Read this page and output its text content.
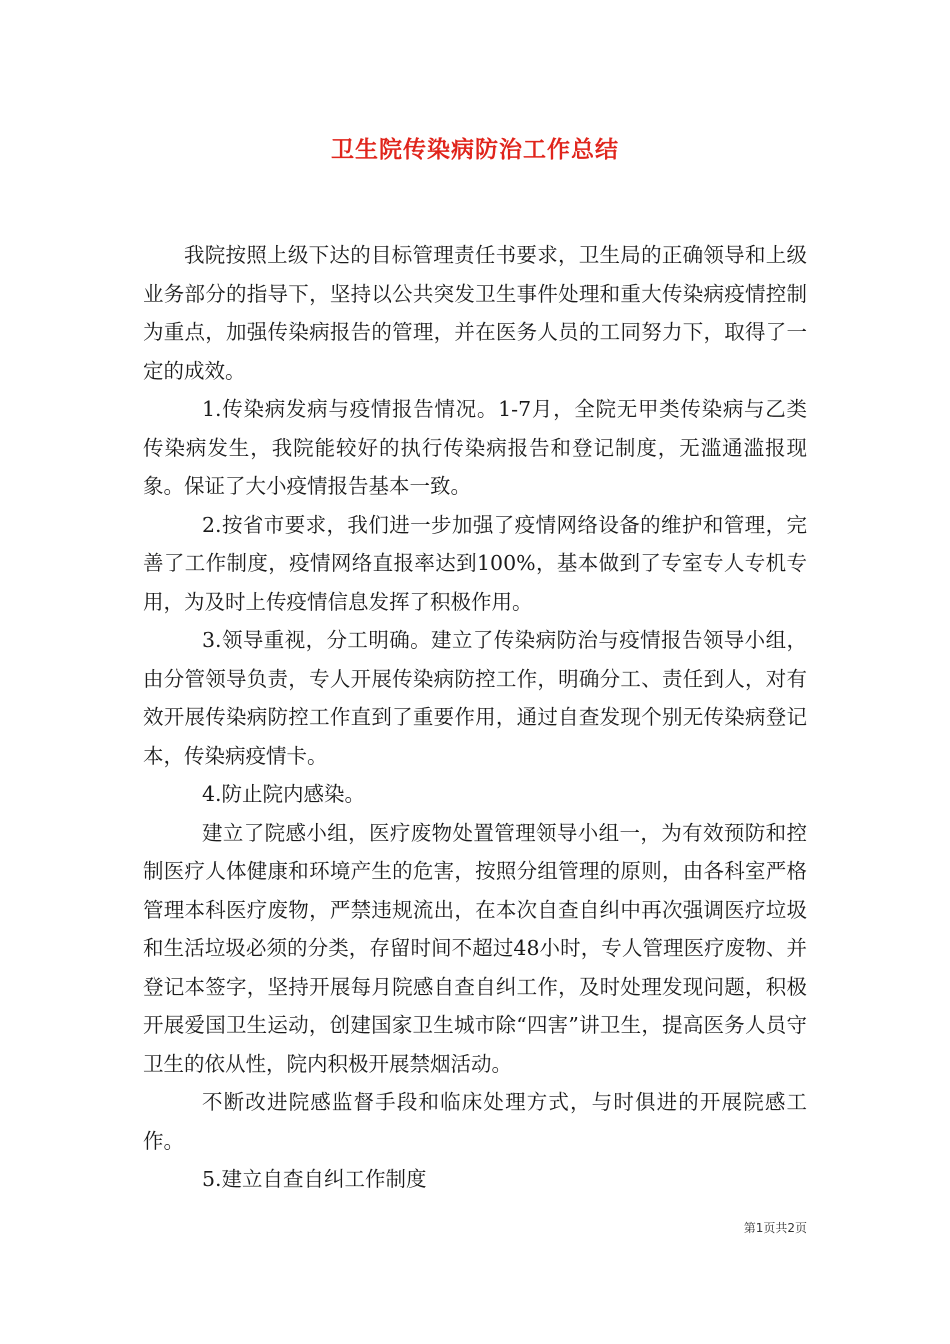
卫生院传染病防治工作总结

我院按照上级下达的目标管理责任书要求，卫生局的正确领导和上级业务部分的指导下，坚持以公共突发卫生事件处理和重大传染病疫情控制为重点，加强传染病报告的管理，并在医务人员的工同努力下，取得了一定的成效。

1.传染病发病与疫情报告情况。1-7月，全院无甲类传染病与乙类传染病发生，我院能较好的执行传染病报告和登记制度，无滥通滥报现象。保证了大小疫情报告基本一致。

2.按省市要求，我们进一步加强了疫情网络设备的维护和管理，完善了工作制度，疫情网络直报率达到100%，基本做到了专室专人专机专用，为及时上传疫情信息发挥了积极作用。

3.领导重视，分工明确。建立了传染病防治与疫情报告领导小组，由分管领导负责，专人开展传染病防控工作，明确分工、责任到人，对有效开展传染病防控工作直到了重要作用，通过自查发现个别无传染病登记本，传染病疫情卡。

4.防止院内感染。

建立了院感小组，医疗废物处置管理领导小组一，为有效预防和控制医疗人体健康和环境产生的危害，按照分组管理的原则，由各科室严格管理本科医疗废物，严禁违规流出，在本次自查自纠中再次强调医疗垃圾和生活垃圾必须的分类，存留时间不超过48小时，专人管理医疗废物、并登记本签字，坚持开展每月院感自查自纠工作，及时处理发现问题，积极开展爱国卫生运动，创建国家卫生城市除“四害”讲卫生，提高医务人员守卫生的依从性，院内积极开展禁烟活动。

不断改进院感监督手段和临床处理方式，与时俱进的开展院感工作。

5.建立自查自纠工作制度

第1页共2页
